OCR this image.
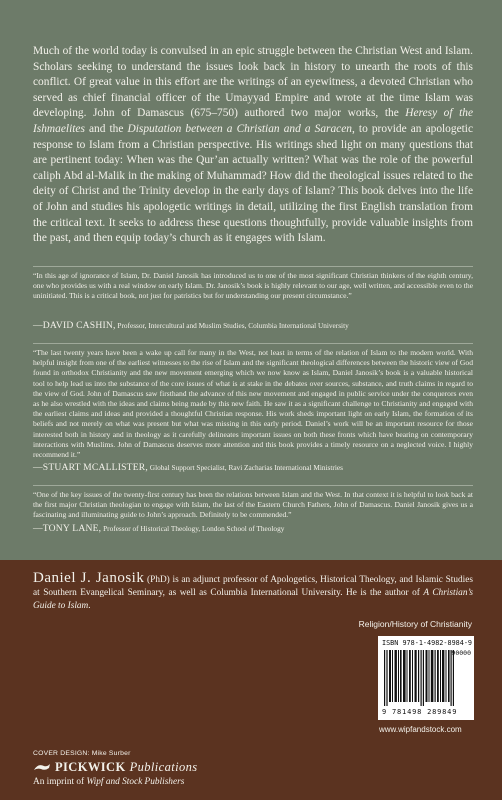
Much of the world today is convulsed in an epic struggle between the Christian West and Islam. Scholars seeking to understand the issues look back in history to unearth the roots of this conflict. Of great value in this effort are the writings of an eyewitness, a devoted Christian who served as chief financial officer of the Umayyad Empire and wrote at the time Islam was developing. John of Damascus (675–750) authored two major works, the Heresy of the Ishmaelites and the Disputation between a Christian and a Saracen, to provide an apologetic response to Islam from a Christian perspective. His writings shed light on many questions that are pertinent today: When was the Qur’an actually written? What was the role of the powerful caliph Abd al-Malik in the making of Muhammad? How did the theological issues related to the deity of Christ and the Trinity develop in the early days of Islam? This book delves into the life of John and studies his apologetic writings in detail, utilizing the first English translation from the critical text. It seeks to address these questions thoughtfully, provide valuable insights from the past, and then equip today’s church as it engages with Islam.

“In this age of ignorance of Islam, Dr. Daniel Janosik has introduced us to one of the most significant Christian thinkers of the eighth century, one who provides us with a real window on early Islam. Dr. Janosik’s book is highly relevant to our age, well written, and accessible even to the uninitiated. This is a critical book, not just for patristics but for understanding our present circumstance.”

—DAVID CASHIN, Professor, Intercultural and Muslim Studies, Columbia International University

“The last twenty years have been a wake up call for many in the West, not least in terms of the relation of Islam to the modern world. With helpful insight from one of the earliest witnesses to the rise of Islam and the significant theological differences between the historic view of God found in orthodox Christianity and the new movement emerging which we now know as Islam, Daniel Janosik’s book is a valuable historical tool to help lead us into the substance of the core issues of what is at stake in the debates over sources, substance, and truth claims in regard to the view of God. John of Damascus saw firsthand the advance of this new movement and engaged in public service under the conquerors even as he also wrestled with the ideas and claims being made by this new faith. He saw it as a significant challenge to Christianity and engaged with the earliest claims and ideas and provided a thoughtful Christian response. His work sheds important light on early Islam, the formation of its beliefs and not merely on what was present but what was missing in this early period. Daniel’s work will be an important resource for those interested both in history and in theology as it carefully delineates important issues on both these fronts which have bearing on contemporary interactions with Muslims. John of Damascus deserves more attention and this book provides a timely resource on a neglected voice. I highly recommend it.”

—STUART MCALLISTER, Global Support Specialist, Ravi Zacharias International Ministries

“One of the key issues of the twenty-first century has been the relations between Islam and the West. In that context it is helpful to look back at the first major Christian theologian to engage with Islam, the last of the Eastern Church Fathers, John of Damascus. Daniel Janosik gives us a fascinating and illuminating guide to John’s approach. Definitely to be commended.”

—TONY LANE, Professor of Historical Theology, London School of Theology

Daniel J. Janosik (PhD) is an adjunct professor of Apologetics, Historical Theology, and Islamic Studies at Southern Evangelical Seminary, as well as Columbia International University. He is the author of A Christian’s Guide to Islam.

Religion/History of Christianity
ISBN 978-1-4982-8984-9
90000
9 781498 289849
www.wipfandstock.com
COVER DESIGN: Mike Surber
PICKWICK Publications
An imprint of Wipf and Stock Publishers
